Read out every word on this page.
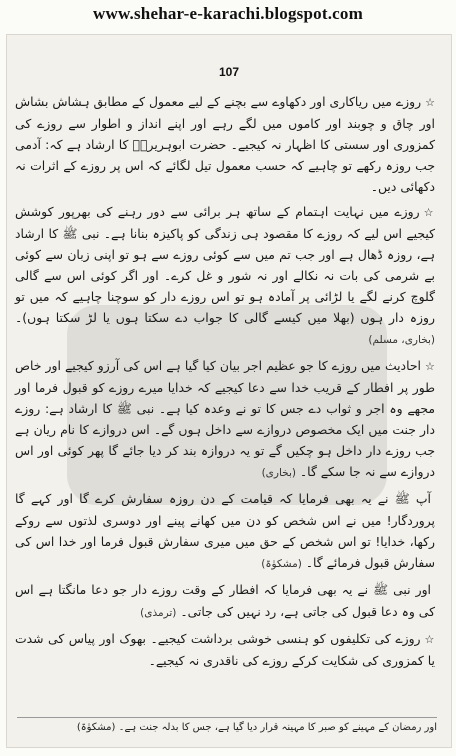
www.shehar-e-karachi.blogspot.com
107

☆روزے میں ریاکاری اور دکھاوے سے بچنے کے لیے معمول کے مطابق ہشاش بشاش اور چاق و چوبند اور کاموں میں لگے رہے اور اپنے انداز و اطوار سے روزے کی کمزوری اور سستی کا اظہار نہ کیجیے۔ حضرت ابوہریرہؓ کا ارشاد ہے کہ: آدمی جب روزہ رکھے تو چاہیے کہ حسب معمول تیل لگائے کہ اس پر روزے کے اثرات نہ دکھائی دیں۔

☆روزے میں نہایت اہتمام کے ساتھ ہر برائی سے دور رہنے کی بھرپور کوشش کیجیے اس لیے کہ روزے کا مقصود ہی زندگی کو پاکیزہ بنانا ہے۔ نبی ﷺ کا ارشاد ہے، روزہ ڈھال ہے اور جب تم میں سے کوئی روزے سے ہو تو اپنی زبان سے کوئی بے شرمی کی بات نہ نکالے اور نہ شور و غل کرے۔ اور اگر کوئی اس سے گالی گلوچ کرنے لگے یا لڑائی پر آمادہ ہو تو اس روزے دار کو سوچنا چاہیے کہ میں تو روزہ دار ہوں (بھلا میں کیسے گالی کا جواب دے سکتا ہوں یا لڑ سکتا ہوں)۔ (بخاری، مسلم)

☆احادیث میں روزے کا جو عظیم اجر بیان کیا گیا ہے اس کی آرزو کیجیے اور خاص طور پر افطار کے قریب خدا سے دعا کیجیے کہ خدایا میرے روزے کو قبول فرما اور مجھے وہ اجر و ثواب دے جس کا تو نے وعدہ کیا ہے۔ نبی ﷺ کا ارشاد ہے: روزے دار جنت میں ایک مخصوص دروازے سے داخل ہوں گے۔ اس دروازے کا نام ریان ہے جب روزے دار داخل ہو چکیں گے تو یہ دروازہ بند کر دیا جائے گا پھر کوئی اور اس دروازے سے نہ جا سکے گا۔ (بخاری)

آپ ﷺ نے یہ بھی فرمایا کہ قیامت کے دن روزہ سفارش کرے گا اور کہے گا پروردگار! میں نے اس شخص کو دن میں کھانے پینے اور دوسری لذتوں سے روکے رکھا، خدایا! تو اس شخص کے حق میں میری سفارش قبول فرما اور خدا اس کی سفارش قبول فرمائے گا۔ (مشکوٰۃ)

اور نبی ﷺ نے یہ بھی فرمایا کہ افطار کے وقت روزے دار جو دعا مانگتا ہے اس کی وہ دعا قبول کی جاتی ہے، رد نہیں کی جاتی۔ (ترمذی)

☆روزے کی تکلیفوں کو ہنسی خوشی برداشت کیجیے۔ بھوک اور پیاس کی شدت یا کمزوری کی شکایت کرکے روزے کی ناقدری نہ کیجیے۔

اور رمضان کے مہینے کو صبر کا مہینہ قرار دیا گیا ہے، جس کا بدلہ جنت ہے۔ (مشکوٰۃ)
